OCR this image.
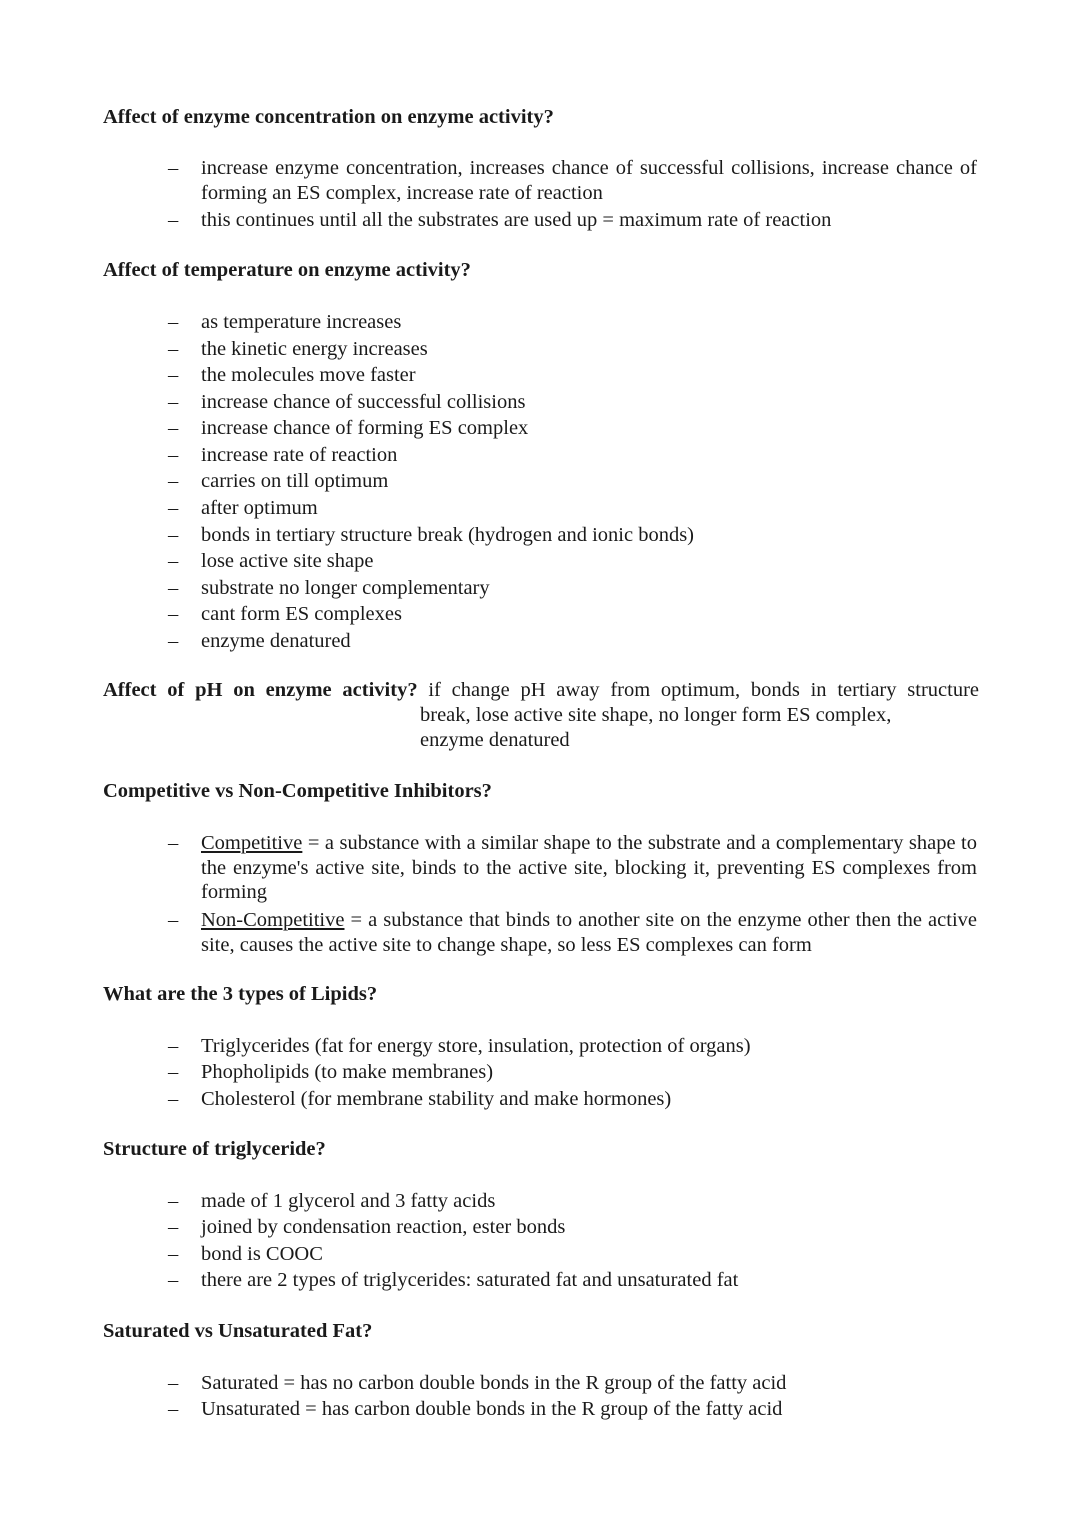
Affect of enzyme concentration on enzyme activity?
– increase enzyme concentration, increases chance of successful collisions, increase chance of forming an ES complex, increase rate of reaction
– this continues until all the substrates are used up = maximum rate of reaction
Affect of temperature on enzyme activity?
– as temperature increases
– the kinetic energy increases
– the molecules move faster
– increase chance of successful collisions
– increase chance of forming ES complex
– increase rate of reaction
– carries on till optimum
– after optimum
– bonds in tertiary structure break (hydrogen and ionic bonds)
– lose active site shape
– substrate no longer complementary
– cant form ES complexes
– enzyme denatured
Affect of pH on enzyme activity? if change pH away from optimum, bonds in tertiary structure
break, lose active site shape, no longer form ES complex,
enzyme denatured
Competitive vs Non-Competitive Inhibitors?
– Competitive = a substance with a similar shape to the substrate and a complementary shape to the enzyme's active site, binds to the active site, blocking it, preventing ES complexes from forming
– Non-Competitive = a substance that binds to another site on the enzyme other then the active site, causes the active site to change shape, so less ES complexes can form
What are the 3 types of Lipids?
– Triglycerides (fat for energy store, insulation, protection of organs)
– Phopholipids (to make membranes)
– Cholesterol (for membrane stability and make hormones)
Structure of triglyceride?
– made of 1 glycerol and 3 fatty acids
– joined by condensation reaction, ester bonds
– bond is COOC
– there are 2 types of triglycerides: saturated fat and unsaturated fat
Saturated vs Unsaturated Fat?
– Saturated = has no carbon double bonds in the R group of the fatty acid
– Unsaturated = has carbon double bonds in the R group of the fatty acid
